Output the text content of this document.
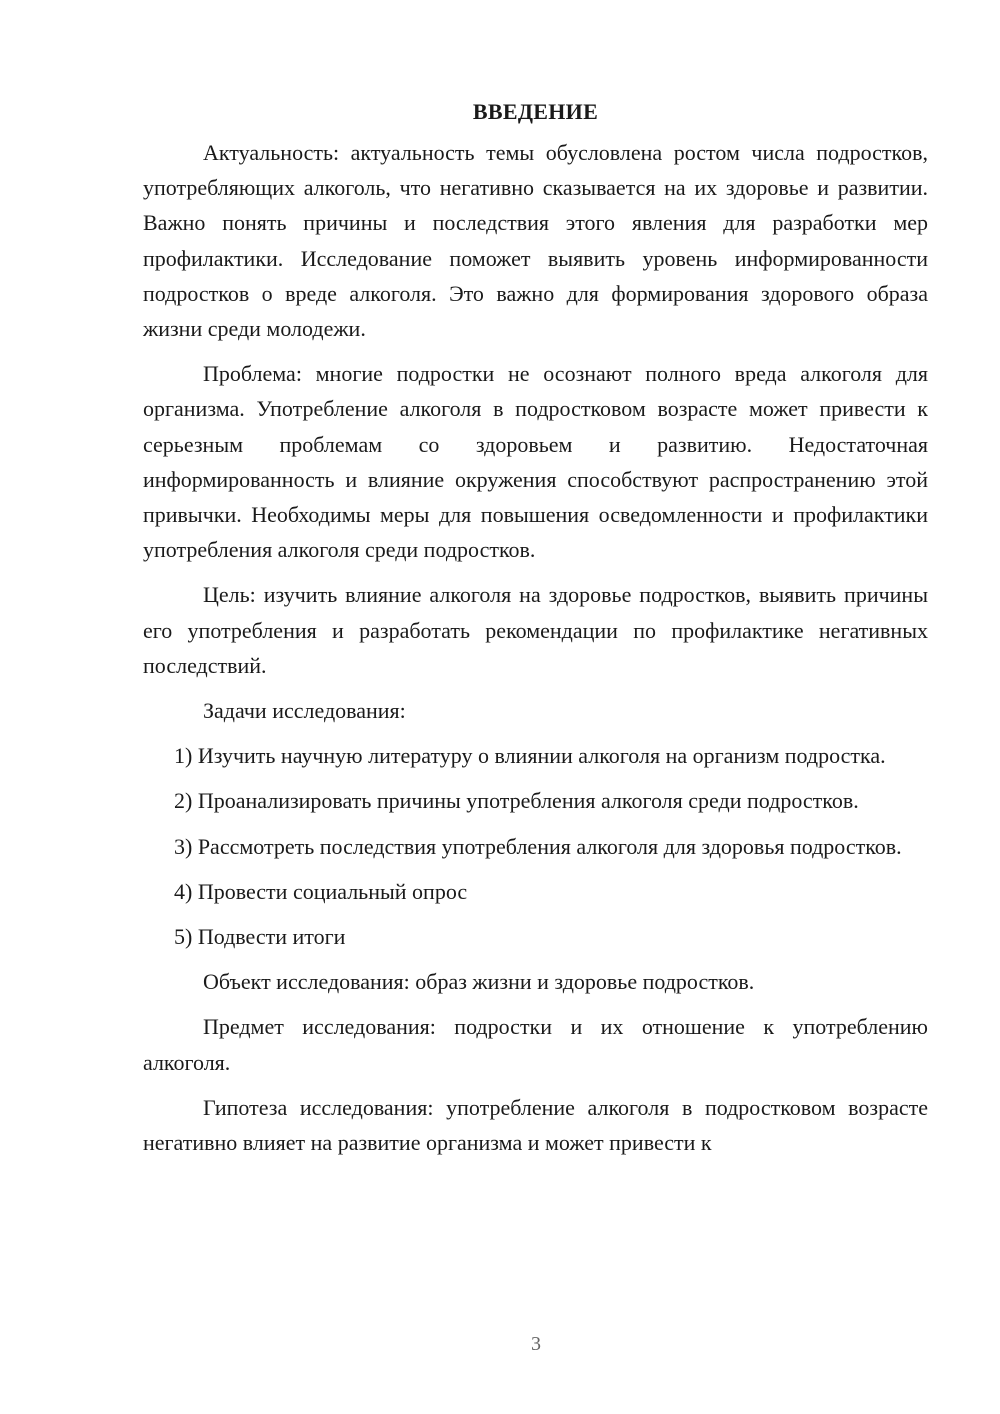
ВВЕДЕНИЕ

Актуальность: актуальность темы обусловлена ростом числа подростков, употребляющих алкоголь, что негативно сказывается на их здоровье и развитии. Важно понять причины и последствия этого явления для разработки мер профилактики. Исследование поможет выявить уровень информированности подростков о вреде алкоголя. Это важно для формирования здорового образа жизни среди молодежи.

Проблема: многие подростки не осознают полного вреда алкоголя для организма. Употребление алкоголя в подростковом возрасте может привести к серьезным проблемам со здоровьем и развитию. Недостаточная информированность и влияние окружения способствуют распространению этой привычки. Необходимы меры для повышения осведомленности и профилактики употребления алкоголя среди подростков.

Цель: изучить влияние алкоголя на здоровье подростков, выявить причины его употребления и разработать рекомендации по профилактике негативных последствий.

Задачи исследования:

1) Изучить научную литературу о влиянии алкоголя на организм подростка.

2) Проанализировать причины употребления алкоголя среди подростков.

3) Рассмотреть последствия употребления алкоголя для здоровья подростков.

4) Провести социальный опрос

5) Подвести итоги

Объект исследования: образ жизни и здоровье подростков.

Предмет исследования: подростки и их отношение к употреблению алкоголя.

Гипотеза исследования: употребление алкоголя в подростковом возрасте негативно влияет на развитие организма и может привести к

3
